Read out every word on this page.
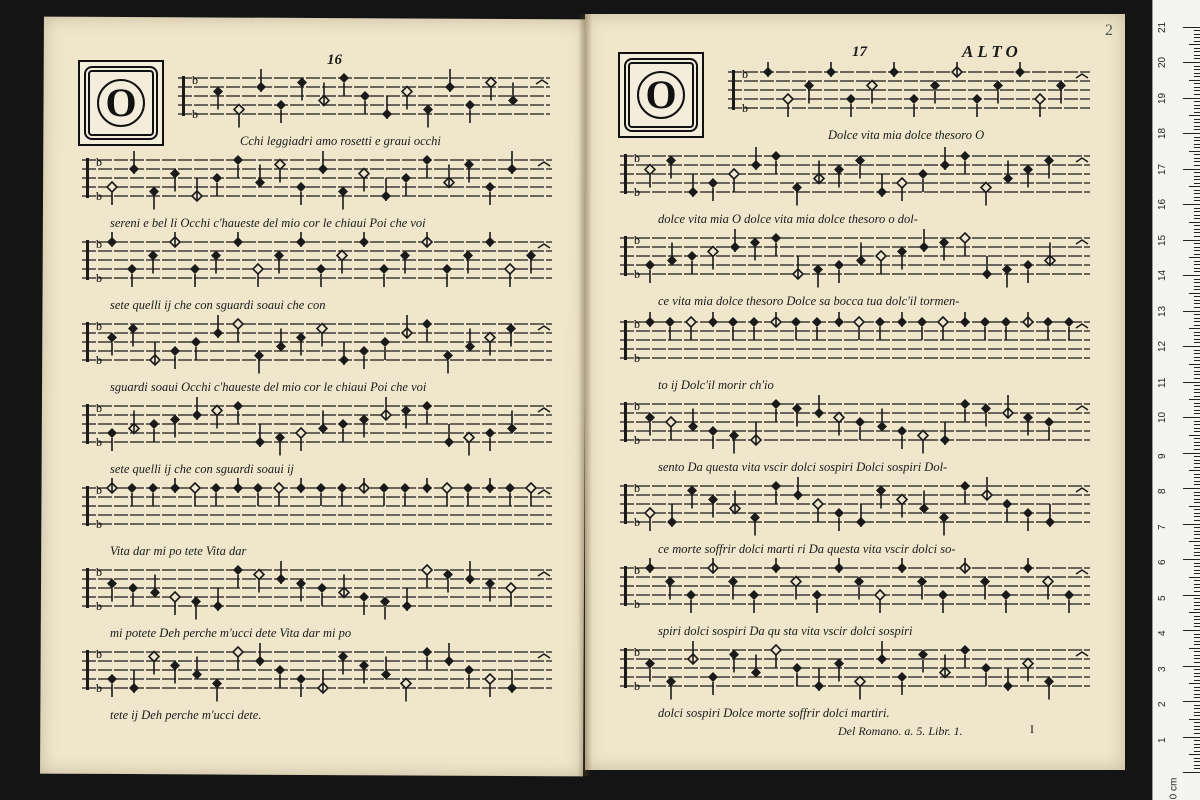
16
O	b
b
Cchi leggiadri amo rosetti e graui occhi
b
b
sereni e bel li Occhi c'haueste del mio cor le chiaui Poi che voi
b
b
sete quelli ij che con sguardi soaui che con
b
b
sguardi soaui Occhi c'haueste del mio cor le chiaui Poi che voi
b
b
sete quelli ij che con sguardi soaui ij
b
b
Vita dar mi po tete Vita dar
b
b
mi potete Deh perche m'ucci dete Vita dar mi po
b
b
tete ij Deh perche m'ucci dete.
17	ALTO
2
O	b
b
Dolce vita mia dolce thesoro O
b
b
dolce vita mia O dolce vita mia dolce thesoro o dol-
b
b
ce vita mia dolce thesoro Dolce sa bocca tua dolc'il tormen-
b
b
to ij Dolc'il morir ch'io
b
b
sento Da questa vita vscir dolci sospiri Dolci sospiri Dol-
b
b
ce morte soffrir dolci marti ri Da questa vita vscir dolci so-
b
b
spiri dolci sospiri Da qu sta vita vscir dolci sospiri
b
b
dolci sospiri Dolce morte soffrir dolci martiri.
Del Romano. a. 5. Libr. 1.	I
0 cm
1
2
3
4
5
6
7
8
9
10
11
12
13
14
15
16
17
18
19
20
21
